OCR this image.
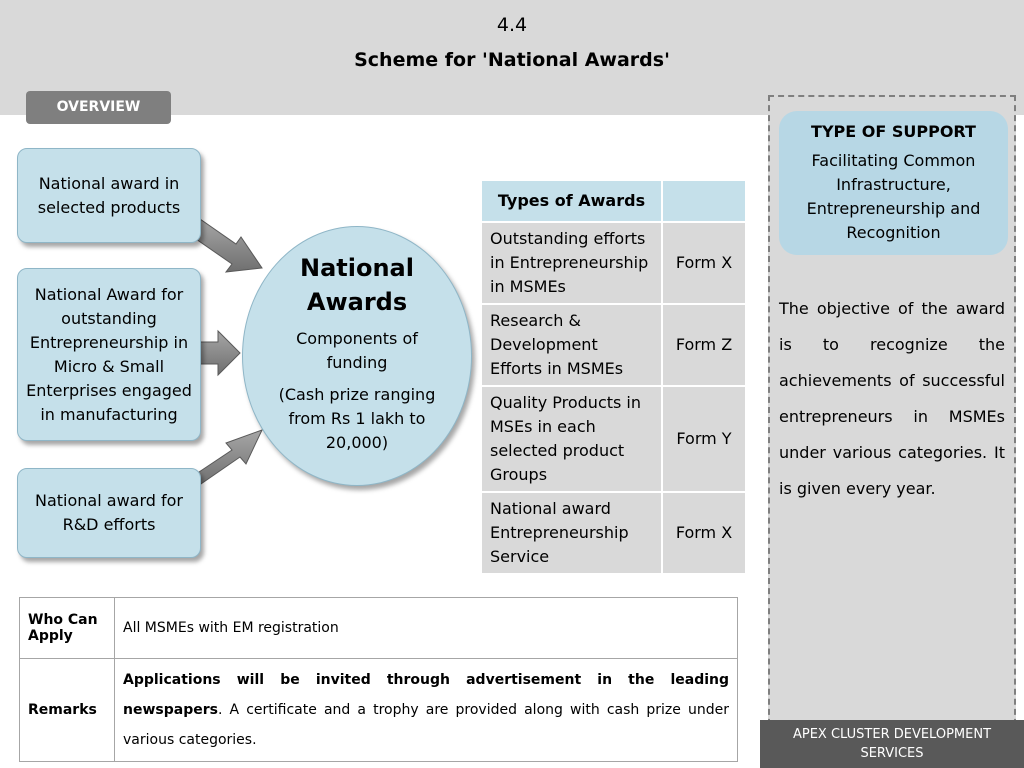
4.4
Scheme for 'National Awards'
OVERVIEW
TYPE OF SUPPORT
Facilitating Common Infrastructure, Entrepreneurship and Recognition
The objective of the award is to recognize the achievements of successful entrepreneurs in MSMEs under various categories. It is given every year.
APEX CLUSTER DEVELOPMENT SERVICES
National award in selected products
National Award for outstanding Entrepreneurship in Micro & Small Enterprises engaged in manufacturing
National award for R&D efforts
National
Awards
Components of funding
(Cash prize ranging from Rs 1 lakh to 20,000)
Types of Awards	
Outstanding efforts in Entrepreneurship in MSMEs	Form X
Research & Development Efforts in MSMEs	Form Z
Quality Products in MSEs in each selected product Groups	Form Y
National award Entrepreneurship Service	Form X
Who Can Apply	All MSMEs with EM registration
Remarks	Applications will be invited through advertisement in the leading newspapers. A certificate and a trophy are provided along with cash prize under various categories.
